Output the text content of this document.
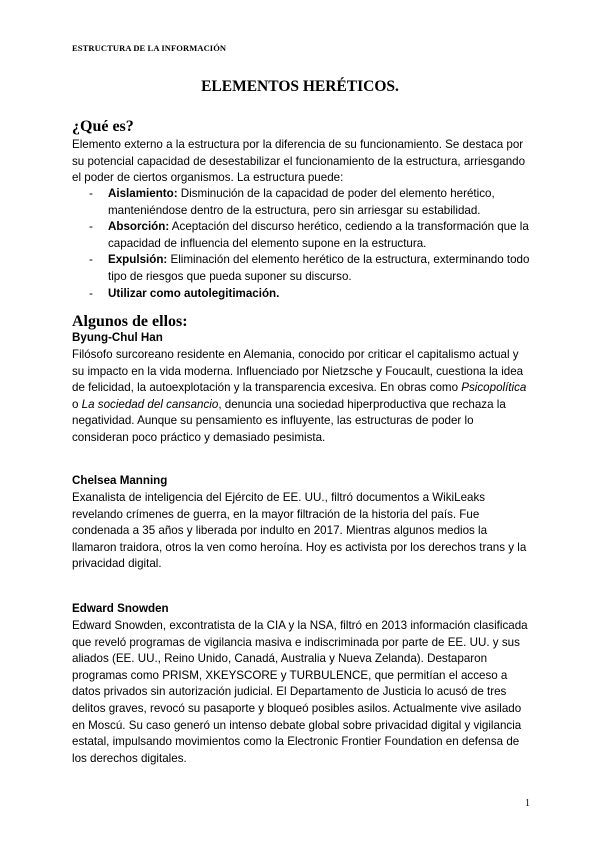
ESTRUCTURA DE LA INFORMACIÓN
ELEMENTOS HERÉTICOS.
¿Qué es?
Elemento externo a la estructura por la diferencia de su funcionamiento. Se destaca por su potencial capacidad de desestabilizar el funcionamiento de la estructura, arriesgando el poder de ciertos organismos. La estructura puede:
- Aislamiento: Disminución de la capacidad de poder del elemento herético, manteniéndose dentro de la estructura, pero sin arriesgar su estabilidad.
- Absorción: Aceptación del discurso herético, cediendo a la transformación que la capacidad de influencia del elemento supone en la estructura.
- Expulsión: Eliminación del elemento herético de la estructura, exterminando todo tipo de riesgos que pueda suponer su discurso.
- Utilizar como autolegitimación.
Algunos de ellos:
Byung-Chul Han
Filósofo surcoreano residente en Alemania, conocido por criticar el capitalismo actual y su impacto en la vida moderna. Influenciado por Nietzsche y Foucault, cuestiona la idea de felicidad, la autoexplotación y la transparencia excesiva. En obras como Psicopolítica o La sociedad del cansancio, denuncia una sociedad hiperproductiva que rechaza la negatividad. Aunque su pensamiento es influyente, las estructuras de poder lo consideran poco práctico y demasiado pesimista.
Chelsea Manning
Exanalista de inteligencia del Ejército de EE. UU., filtró documentos a WikiLeaks revelando crímenes de guerra, en la mayor filtración de la historia del país. Fue condenada a 35 años y liberada por indulto en 2017. Mientras algunos medios la llamaron traidora, otros la ven como heroína. Hoy es activista por los derechos trans y la privacidad digital.
Edward Snowden
Edward Snowden, excontratista de la CIA y la NSA, filtró en 2013 información clasificada que reveló programas de vigilancia masiva e indiscriminada por parte de EE. UU. y sus aliados (EE. UU., Reino Unido, Canadá, Australia y Nueva Zelanda). Destaparon programas como PRISM, XKEYSCORE y TURBULENCE, que permitían el acceso a datos privados sin autorización judicial. El Departamento de Justicia lo acusó de tres delitos graves, revocó su pasaporte y bloqueó posibles asilos. Actualmente vive asilado en Moscú. Su caso generó un intenso debate global sobre privacidad digital y vigilancia estatal, impulsando movimientos como la Electronic Frontier Foundation en defensa de los derechos digitales.
1
